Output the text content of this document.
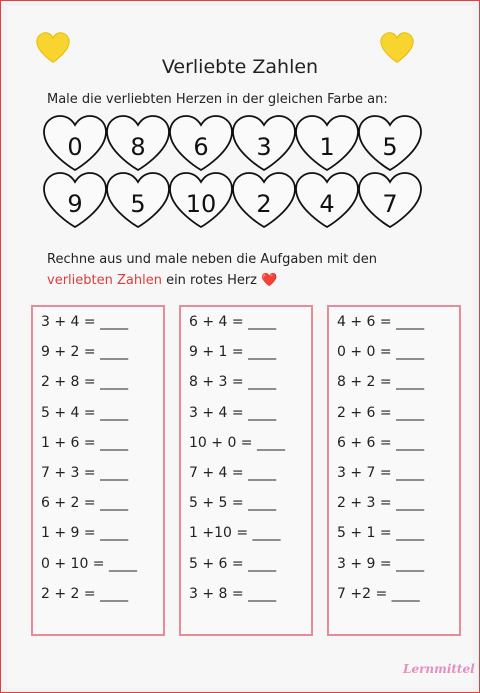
Verliebte Zahlen
Male die verliebten Herzen in der gleichen Farbe an:
0	8	6	3	1	5
9	5	10	2	4	7
Rechne aus und male neben die Aufgaben mit den verliebten Zahlen ein rotes Herz ❤️
3 + 4 = ____
9 + 2 = ____
2 + 8 = ____
5 + 4 = ____
1 + 6 = ____
7 + 3 = ____
6 + 2 = ____
1 + 9 = ____
0 + 10 = ____
2 + 2 = ____
6 + 4 = ____
9 + 1 = ____
8 + 3 = ____
3 + 4 = ____
10 + 0 = ____
7 + 4 = ____
5 + 5 = ____
1 +10 = ____
5 + 6 = ____
3 + 8 = ____
4 + 6 = ____
0 + 0 = ____
8 + 2 = ____
2 + 6 = ____
6 + 6 = ____
3 + 7 = ____
2 + 3 = ____
5 + 1 = ____
3 + 9 = ____
7 +2 = ____
Lernmittel
